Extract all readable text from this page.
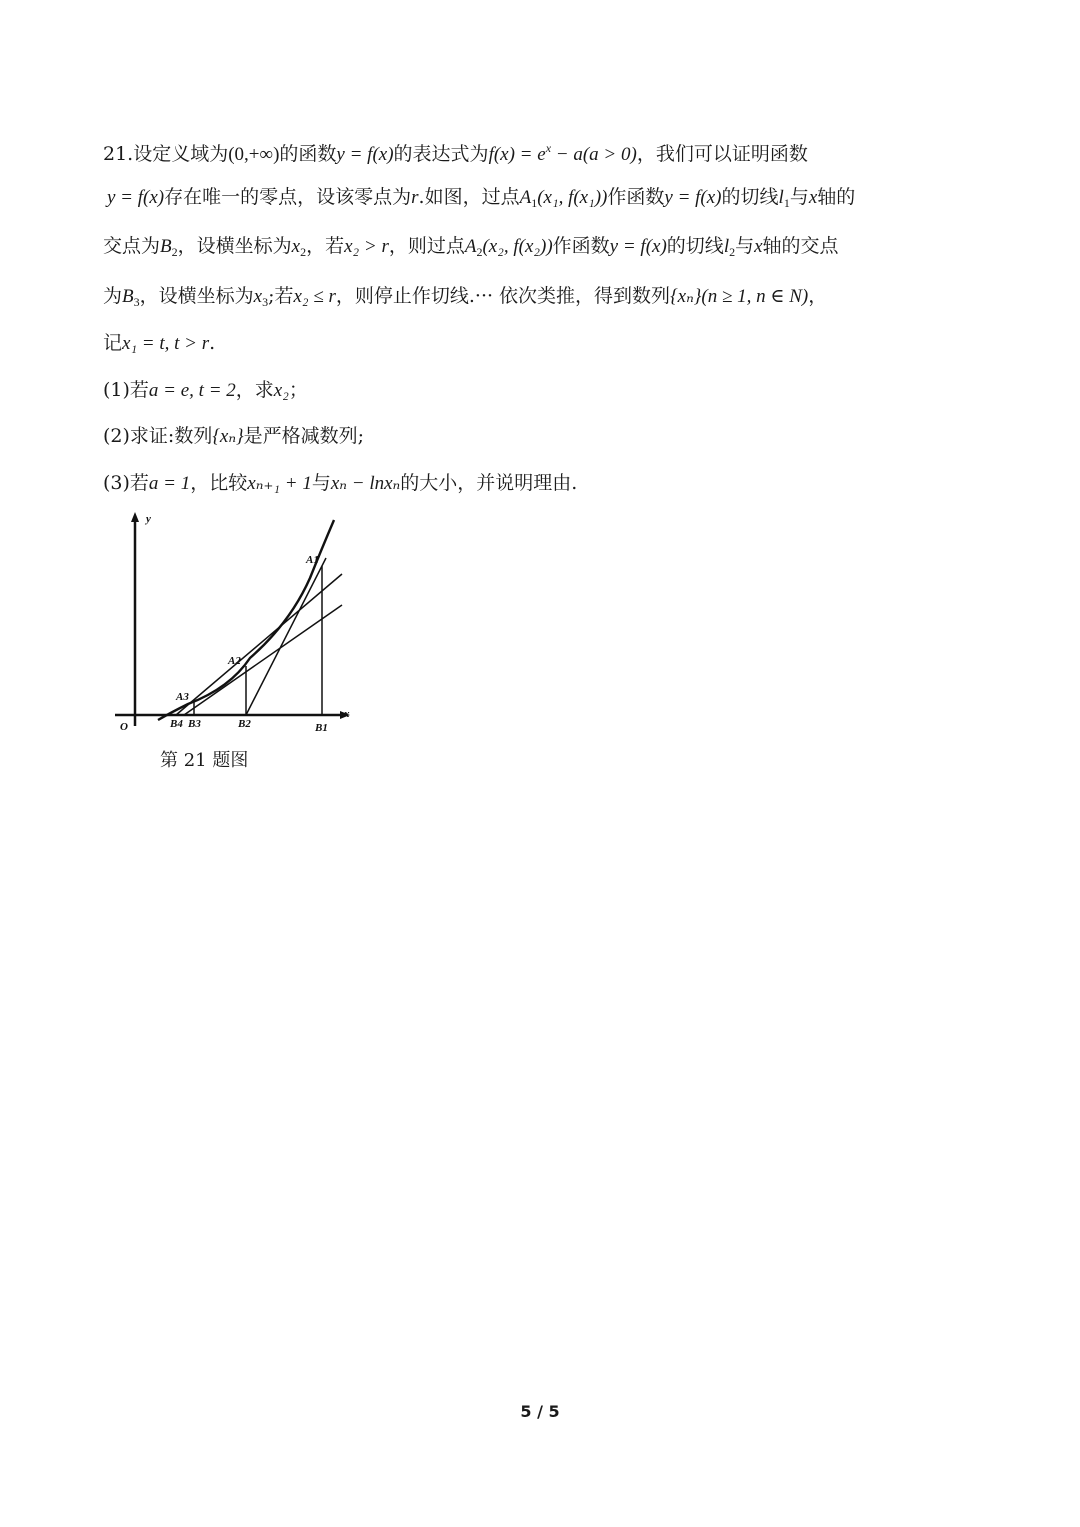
21.设定义域为(0,+∞)的函数y = f(x)的表达式为$f(x) = e^x - a(a > 0)$，我们可以证明函数
y = f(x)存在唯一的零点，设该零点为r.如图，过点$A_1(x_1$, f(x₁))作函数y = f(x)的切线$l_1$与x轴的
交点为$B_2$，设横坐标为$x_2$，若x₂ > r，则过点$A_2(x_2$, f(x₂))作函数y = f(x)的切线$l_2$与x轴的交点
为$B_3$，设横坐标为$x_3$;若x₂ ≤ r，则停止作切线.··· 依次类推，得到数列{xₙ}(n ≥ 1, n ∈ N)，
记x₁ = t, t > r.
(1)若a = e, t = 2，求x₂；
(2)求证:数列{xₙ}是严格减数列;
(3)若a = 1，比较xₙ₊₁ + 1与xₙ − lnxₙ的大小，并说明理由.
y
x
O
A1
A2
A3
B1
B2
B3
B4
第 21 题图
5 / 5
